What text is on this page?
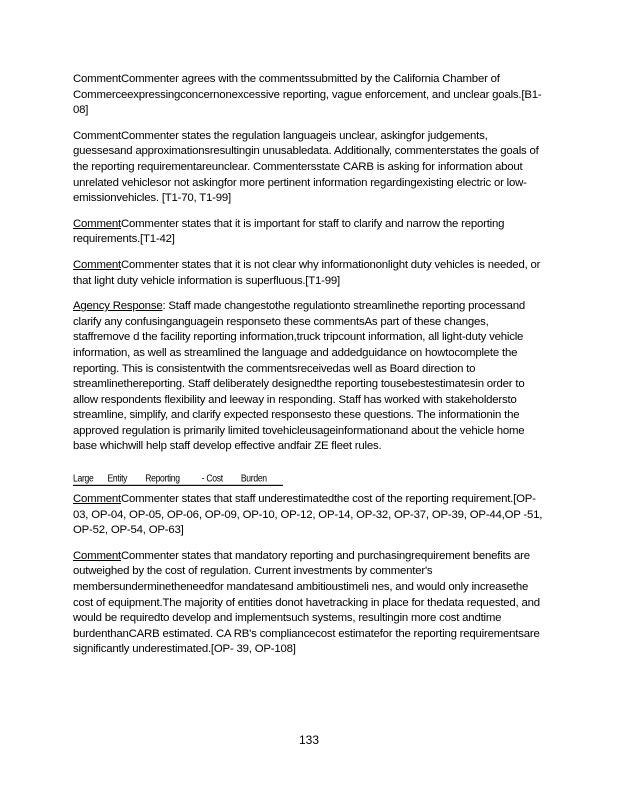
CommentCommenter agrees with the commentssubmitted by the California Chamber of Commerceexpressingconcernonexcessive reporting, vague enforcement, and unclear goals.[B1-08]

CommentCommenter states the regulation languageis unclear, askingfor judgements, guessesand approximationsresultingin unusabledata. Additionally, commenterstates the goals of the reporting requirementareunclear. Commentersstate CARB is asking for information about unrelated vehiclesor not askingfor more pertinent information regardingexisting electric or low-emissionvehicles. [T1-70, T1-99]

CommentCommenter states that it is important for staff to clarify and narrow the reporting requirements.[T1-42]

CommentCommenter states that it is not clear why informationonlight duty vehicles is needed, or that light duty vehicle information is superfluous.[T1-99]

Agency Response: Staff made changestothe regulationto streamlinethe reporting processand clarify any confusinganguagein responseto these commentsAs part of these changes, staffremove d the facility reporting information,truck tripcount information, all light-duty vehicle information, as well as streamlined the language and addedguidance on howtocomplete the reporting. This is consistentwith the commentsreceivedas well as Board direction to streamlinethereporting. Staff deliberately designedthe reporting tousebestestimatesin order to allow respondents flexibility and leeway in responding. Staff has worked with stakeholdersto streamline, simplify, and clarify expected responsesto these questions. The informationin the approved regulation is primarily limited tovehicleusageinformationand about the vehicle home base whichwill help staff develop effective andfair ZE fleet rules.

Large Entity Reporting	- Cost Burden

CommentCommenter states that staff underestimatedthe cost of the reporting requirement.[OP-03, OP-04, OP-05, OP-06, OP-09, OP-10, OP-12, OP-14, OP-32, OP-37, OP-39, OP-44,OP -51, OP-52, OP-54, OP-63]

CommentCommenter states that mandatory reporting and purchasingrequirement benefits are outweighed by the cost of regulation. Current investments by commenter's membersunderminetheneedfor mandatesand ambitioustimeli nes, and would only increasethe cost of equipment.The majority of entities donot havetracking in place for thedata requested, and would be requiredto develop and implementsuch systems, resultingin more cost andtime burdenthanCARB estimated. CA RB's compliancecost estimatefor the reporting requirementsare significantly underestimated.[OP- 39, OP-108]

133
